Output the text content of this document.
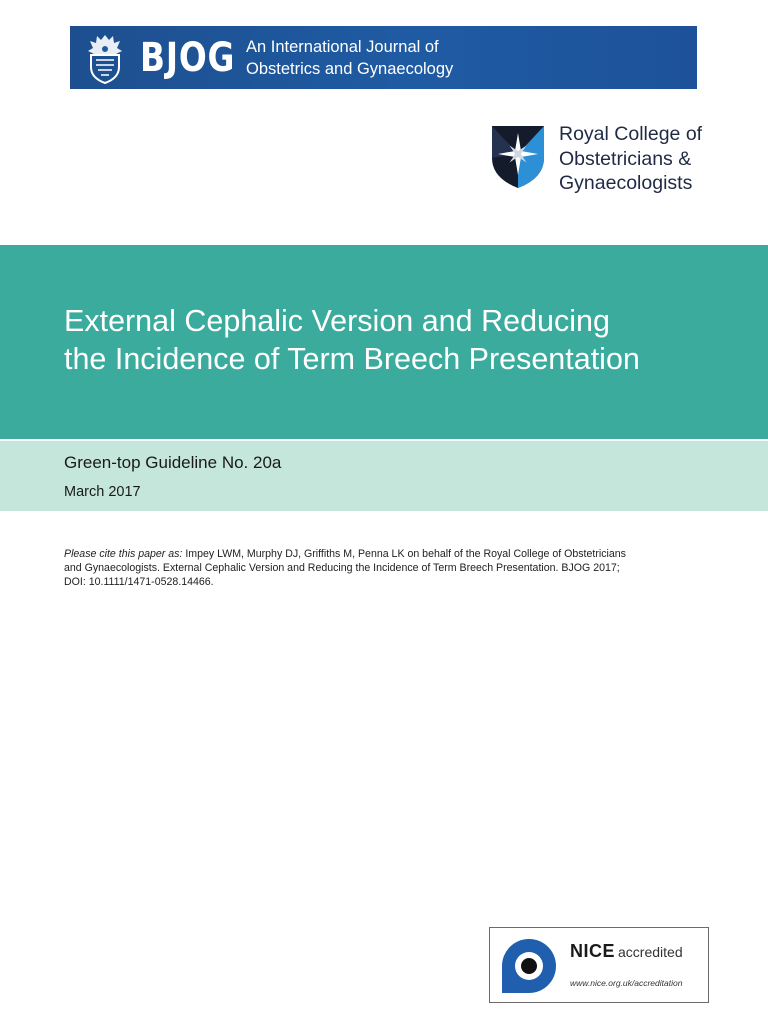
BJOG An International Journal of
Obstetrics and Gynaecology
Royal College of
Obstetricians &
Gynaecologists
External Cephalic Version and Reducing
the Incidence of Term Breech Presentation
Green-top Guideline No. 20a
March 2017
Please cite this paper as: Impey LWM, Murphy DJ, Griffiths M, Penna LK on behalf of the Royal College of Obstetricians
and Gynaecologists. External Cephalic Version and Reducing the Incidence of Term Breech Presentation. BJOG 2017;
DOI: 10.1111/1471-0528.14466.
NICE accredited
www.nice.org.uk/accreditation
